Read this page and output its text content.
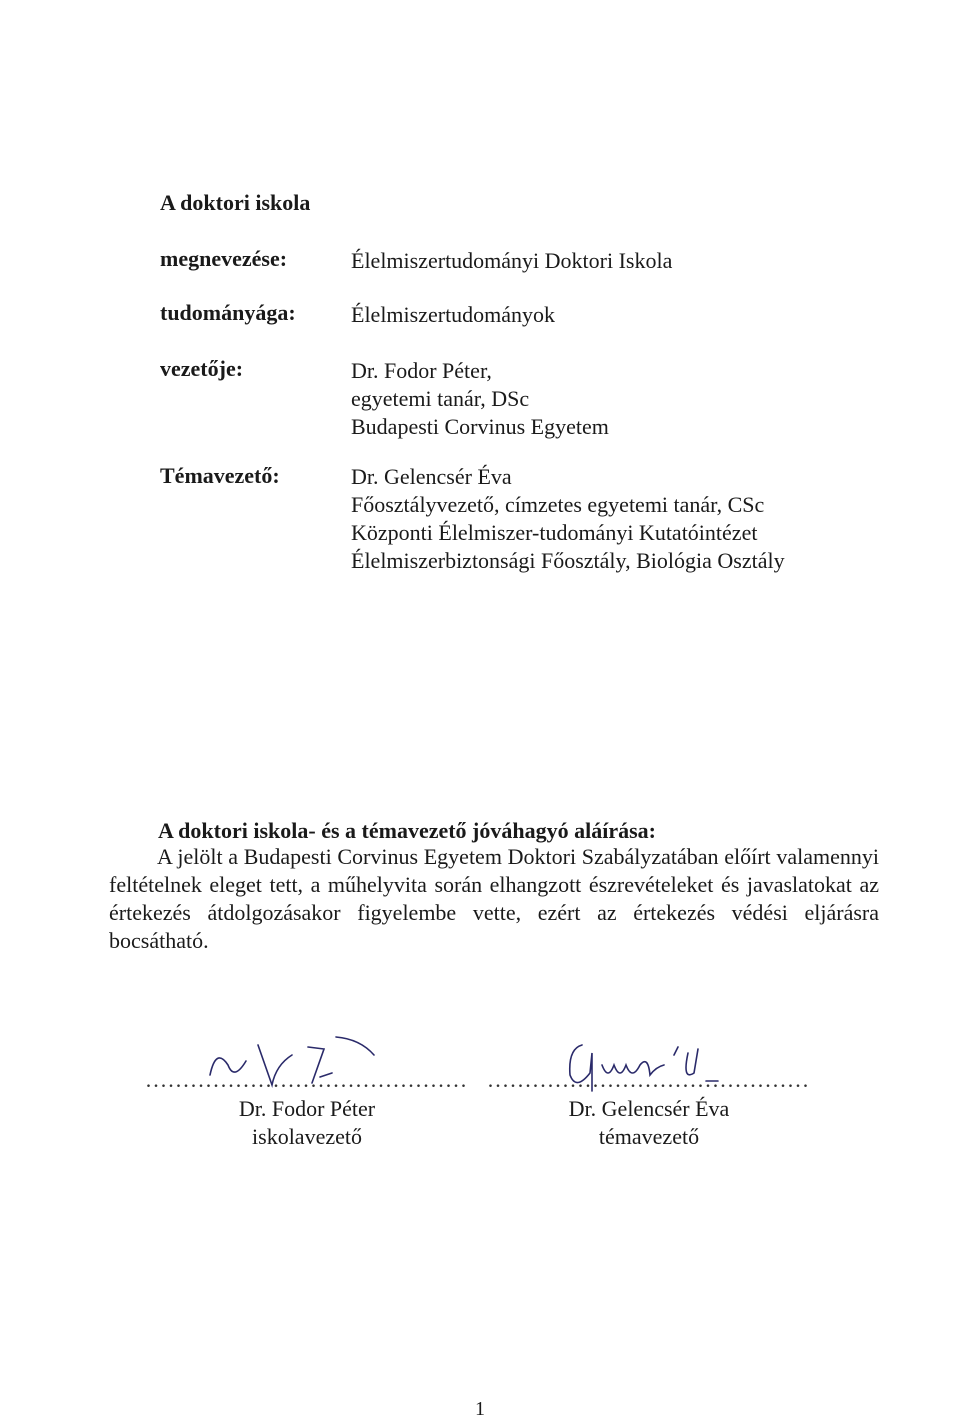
A doktori iskola
megnevezése:	Élelmiszertudományi Doktori Iskola
tudományága:	Élelmiszertudományok
vezetője:	Dr. Fodor Péter,
egyetemi tanár, DSc
Budapesti Corvinus Egyetem
Témavezető:	Dr. Gelencsér Éva
Főosztályvezető, címzetes egyetemi tanár, CSc
Központi Élelmiszer-tudományi Kutatóintézet
Élelmiszerbiztonsági Főosztály, Biológia Osztály
A doktori iskola- és a témavezető jóváhagyó aláírása:
A jelölt a Budapesti Corvinus Egyetem Doktori Szabályzatában előírt valamennyi feltételnek eleget tett, a műhelyvita során elhangzott észrevételeket és javaslatokat az értekezés átdolgozásakor figyelembe vette, ezért az értekezés védési eljárásra bocsátható.
...........................................
Dr. Fodor Péter
iskolavezető
...........................................
Dr. Gelencsér Éva
témavezető
1
